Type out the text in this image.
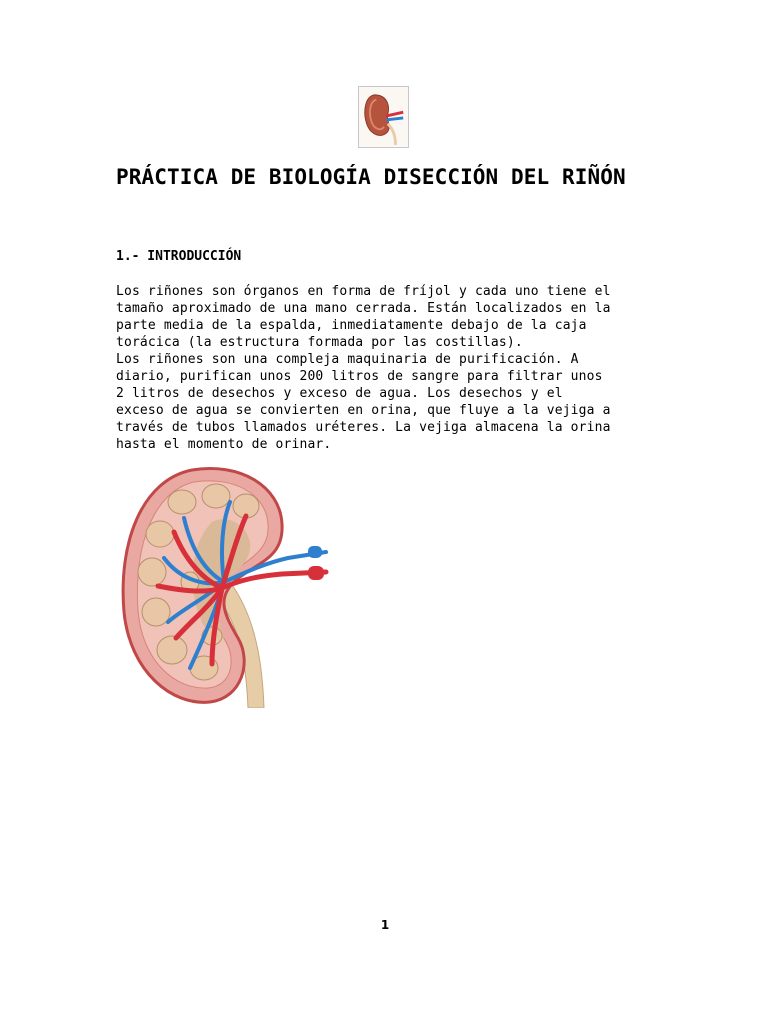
PRÁCTICA DE BIOLOGÍA DISECCIÓN DEL RIÑÓN
1.- INTRODUCCIÓN

Los riñones son órganos en forma de fríjol y cada uno tiene el

tamaño aproximado de una mano cerrada. Están localizados en la

parte media de la espalda, inmediatamente debajo de la caja

torácica (la estructura formada por las costillas).

Los riñones son una compleja maquinaria de purificación. A

diario, purifican unos 200 litros de sangre para filtrar unos

2 litros de desechos y exceso de agua. Los desechos y el

exceso de agua se convierten en orina, que fluye a la vejiga a

través de tubos llamados uréteres. La vejiga almacena la orina

hasta el momento de orinar.

1
